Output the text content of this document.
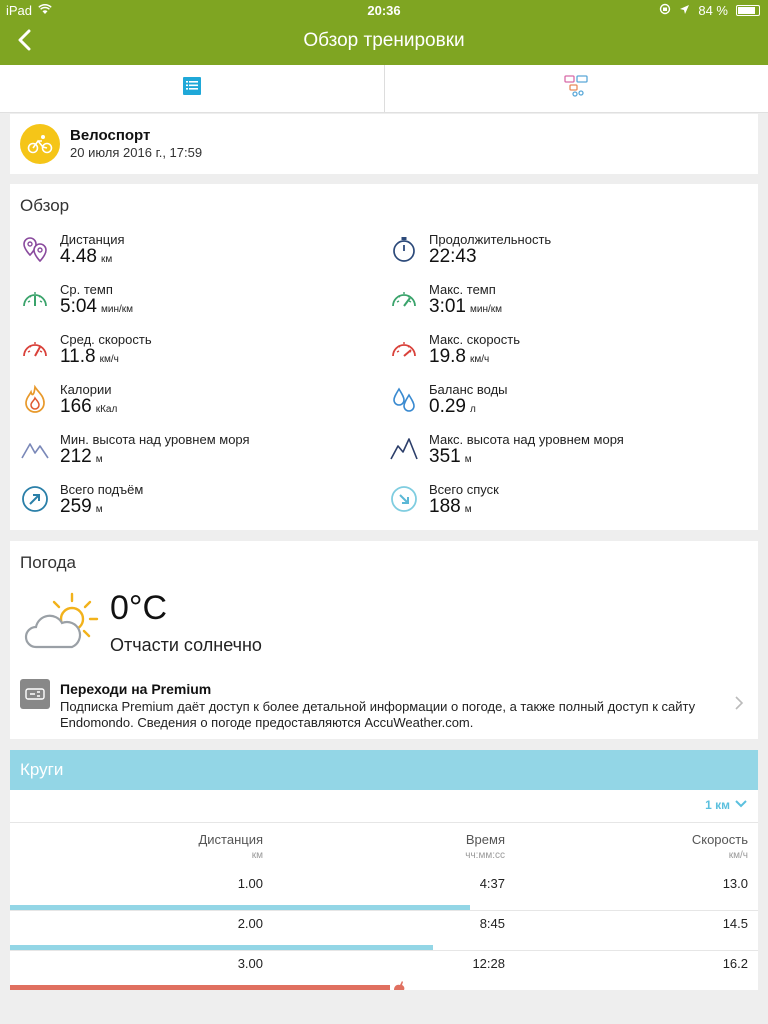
iPad	20:36	84 %
Обзор тренировки
Велоспорт
20 июля 2016 г., 17:59
Обзор
Дистанция
4.48 км
Ср. темп
5:04 мин/км
Сред. скорость
11.8 км/ч
Калории
166 кКал
Мин. высота над уровнем моря
212 м
Всего подъём
259 м
Продолжительность
22:43
Макс. темп
3:01 мин/км
Макс. скорость
19.8 км/ч
Баланс воды
0.29 л
Макс. высота над уровнем моря
351 м
Всего спуск
188 м
Погода
0°C
Отчасти солнечно
Переходи на Premium
Подписка Premium даёт доступ к более детальной информации о погоде, а также полный доступ к сайту Endomondo. Сведения о погоде предоставляются AccuWeather.com.
Круги
1 км
Дистанция
км
Время
чч:мм:сс
Скорость
км/ч
1.00	4:37	13.0
2.00	8:45	14.5
3.00	12:28	16.2
